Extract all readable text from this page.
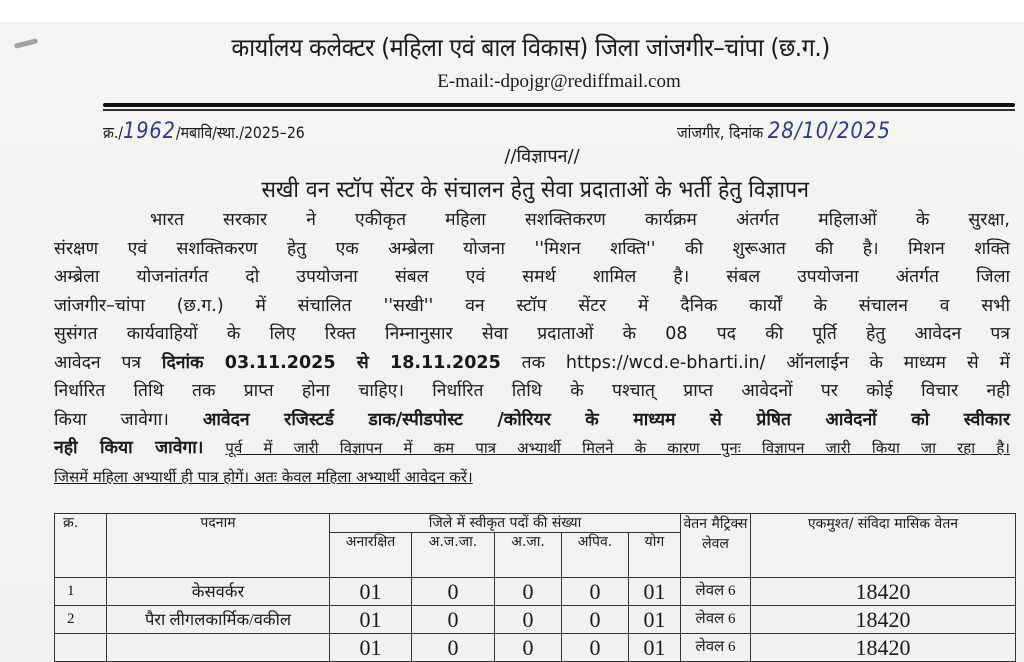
कार्यालय कलेक्टर (महिला एवं बाल विकास) जिला जांजगीर–चांपा (छ.ग.)
E-mail:-dpojgr@rediffmail.com
क्र./1962/मबावि/स्था./2025–26	जांजगीर, दिनांक 28/10/2025
//विज्ञापन//
सखी वन स्टॉप सेंटर के संचालन हेतु सेवा प्रदाताओं के भर्ती हेतु विज्ञापन
भारत सरकार ने एकीकृत महिला सशक्तिकरण कार्यक्रम अंतर्गत महिलाओं के सुरक्षा,
संरक्षण एवं सशक्तिकरण हेतु एक अम्ब्रेला योजना ''मिशन शक्ति'' की शुरूआत की है। मिशन शक्ति
अम्ब्रेला योजनांतर्गत दो उपयोजना संबल एवं समर्थ शामिल है। संबल उपयोजना अंतर्गत जिला
जांजगीर–चांपा (छ.ग.) में संचालित ''सखी'' वन स्टॉप सेंटर में दैनिक कार्यों के संचालन व सभी
सुसंगत कार्यवाहियों के लिए रिक्त निम्नानुसार सेवा प्रदाताओं के 08 पद की पूर्ति हेतु आवेदन पत्र
आवेदन पत्र दिनांक 03.11.2025 से 18.11.2025 तक https://wcd.e-bharti.in/ ऑनलाईन के माध्यम से में
निर्धारित तिथि तक प्राप्त होना चाहिए। निर्धारित तिथि के पश्चात् प्राप्त आवेदनों पर कोई विचार नही
किया जावेगा। आवेदन रजिस्टर्ड डाक/स्पीडपोस्ट /कोरियर के माध्यम से प्रेषित आवेदनों को स्वीकार
नही किया जावेगा। पूर्व में जारी विज्ञापन में कम पात्र अभ्यार्थी मिलने के कारण पुनः विज्ञापन जारी किया जा रहा है।
जिसमें महिला अभ्यार्थी ही पात्र होगें। अतः केवल महिला अभ्यार्थी आवेदन करें।
क्र.	पदनाम	जिले में स्वीकृत पदों की संख्या					वेतन मैट्रिक्स लेवल	एकमुश्त/ संविदा मासिक वेतन
		अनारक्षित	अ.ज.जा.	अ.जा.	अपिव.	योग		
1	केसवर्कर	01	0	0	0	01	लेवल 6	18420
2	पैरा लीगलकार्मिक/वकील	01	0	0	0	01	लेवल 6	18420
		01	0	0	0	01	लेवल 6	18420
